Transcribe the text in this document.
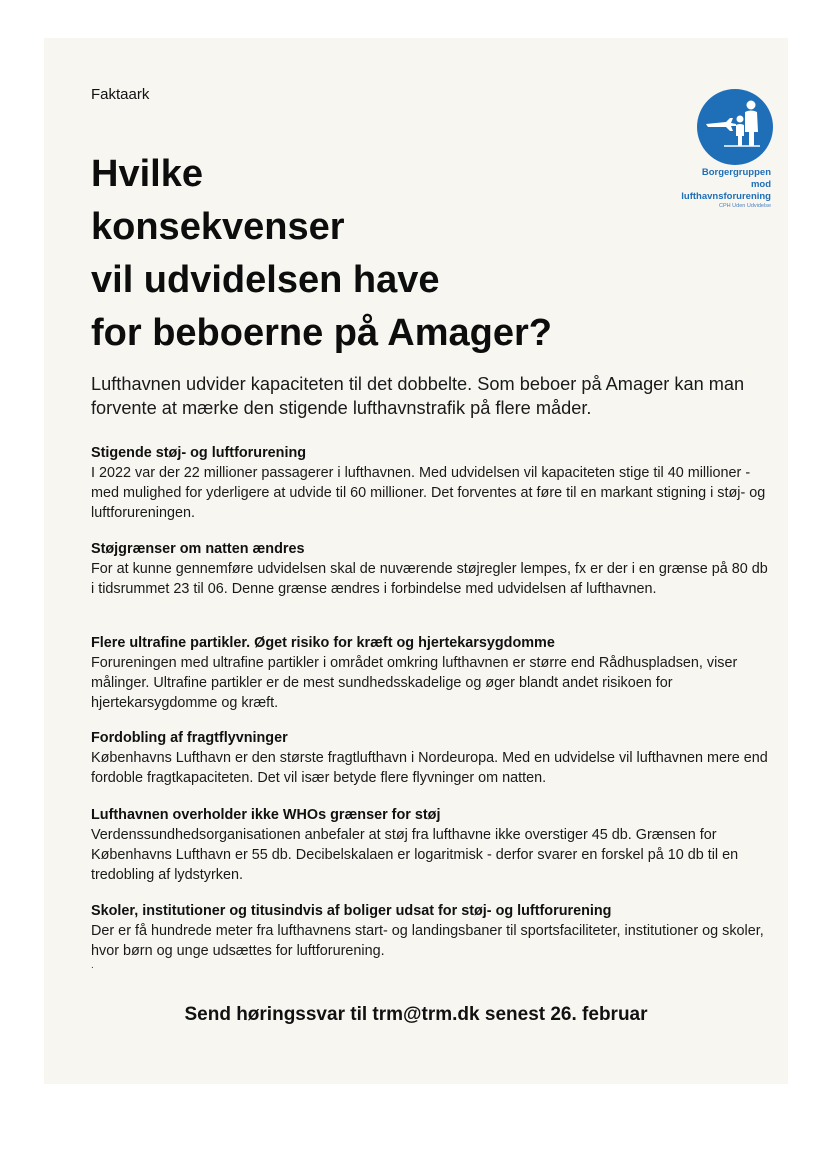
Faktaark
Hvilke
konsekvenser
vil udvidelsen have
for beboerne på Amager?
Borgergruppen
mod
lufthavnsforurening
CPH Uden Udvidelse
Lufthavnen udvider kapaciteten til det dobbelte. Som beboer på Amager kan man forvente at mærke den stigende lufthavnstrafik på flere måder.
Stigende støj- og luftforurening
I 2022 var der 22 millioner passagerer i lufthavnen. Med udvidelsen vil kapaciteten stige til 40 millioner - med mulighed for yderligere at udvide til 60 millioner. Det forventes at føre til en markant stigning i støj- og luftforureningen.
Støjgrænser om natten ændres
For at kunne gennemføre udvidelsen skal de nuværende støjregler lempes, fx er der i en grænse på 80 db i tidsrummet 23 til 06. Denne grænse ændres i forbindelse med udvidelsen af lufthavnen.
Flere ultrafine partikler. Øget risiko for kræft og hjertekarsygdomme
Forureningen med ultrafine partikler i området omkring lufthavnen er større end Rådhuspladsen, viser målinger. Ultrafine partikler er de mest sundhedsskadelige og øger blandt andet risikoen for hjertekarsygdomme og kræft.
Fordobling af fragtflyvninger
Københavns Lufthavn er den største fragtlufthavn i Nordeuropa. Med en udvidelse vil lufthavnen mere end fordoble fragtkapaciteten. Det vil især betyde flere flyvninger om natten.
Lufthavnen overholder ikke WHOs grænser for støj
Verdenssundhedsorganisationen anbefaler at støj fra lufthavne ikke overstiger 45 db. Grænsen for Københavns Lufthavn er 55 db. Decibelskalaen er logaritmisk - derfor svarer en forskel på 10 db til en tredobling af lydstyrken.
Skoler, institutioner og titusindvis af boliger udsat for støj- og luftforurening
Der er få hundrede meter fra lufthavnens start- og landingsbaner til sportsfaciliteter, institutioner og skoler, hvor børn og unge udsættes for luftforurening.
.
Send høringssvar til trm@trm.dk senest 26. februar
